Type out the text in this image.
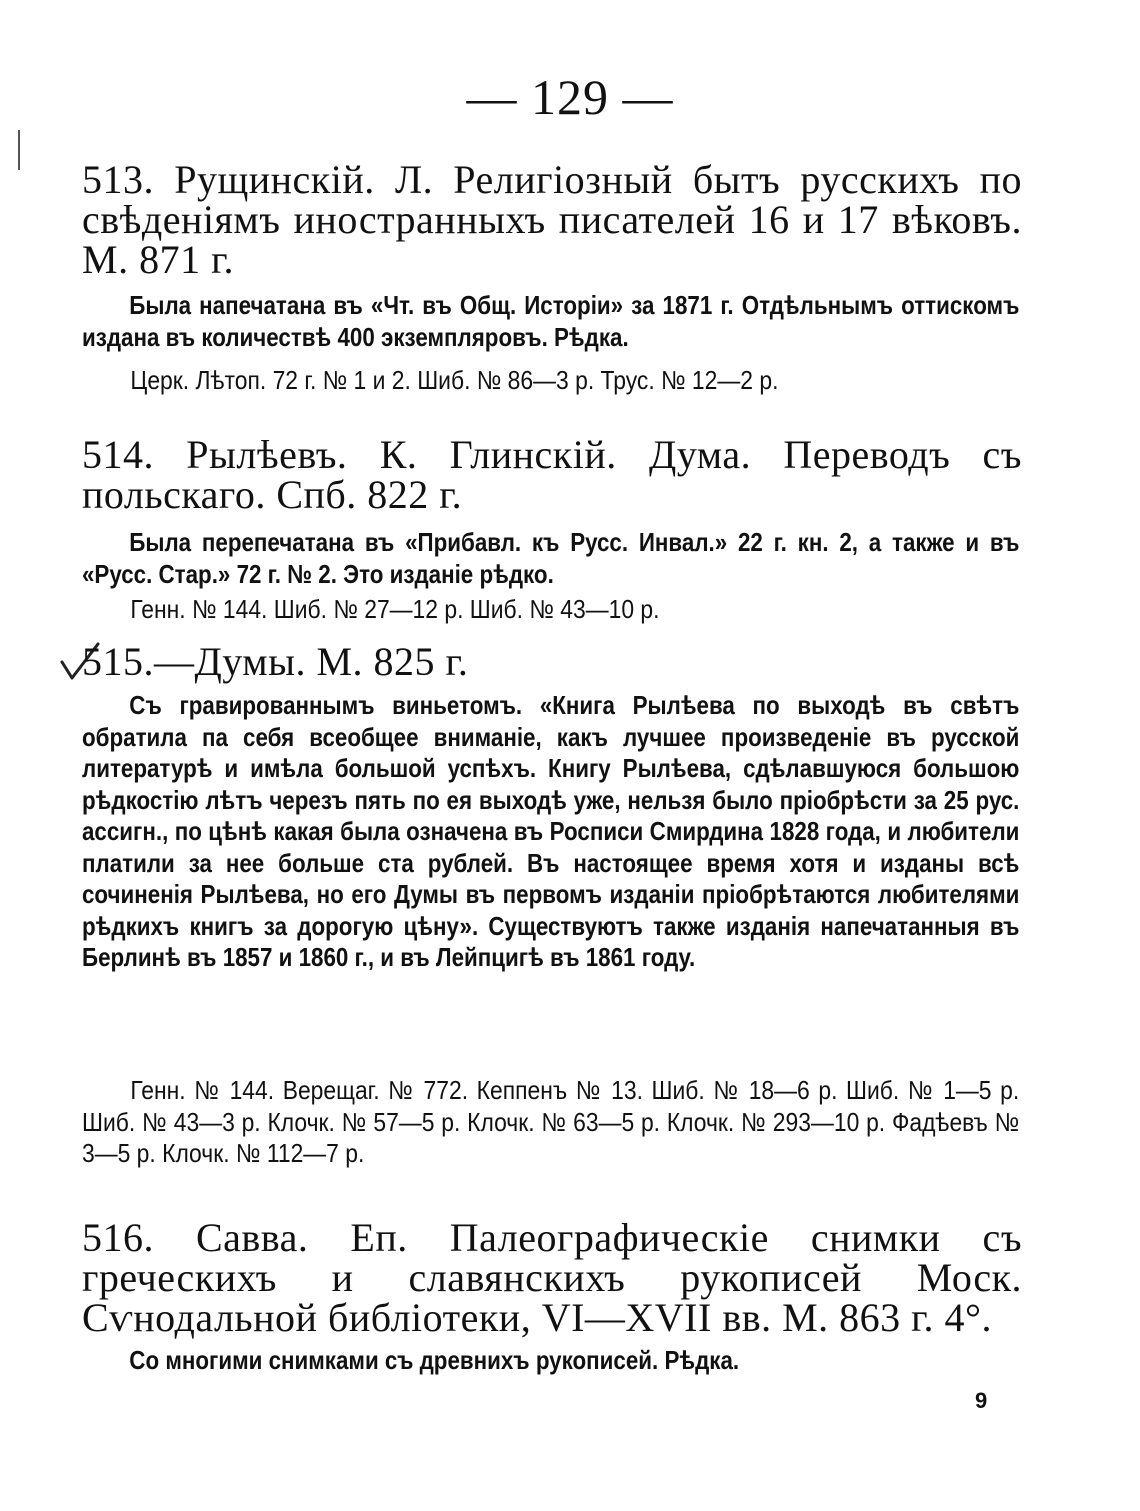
— 129 —
513. Рущинскій. Л. Религіозный бытъ русскихъ по свѣденіямъ иностранныхъ писателей 16 и 17 вѣковъ. М. 871 г.
Была напечатана въ «Чт. въ Общ. Исторіи» за 1871 г. Отдѣльнымъ оттискомъ издана въ количествѣ 400 экземпляровъ. Рѣдка.
Церк. Лѣтоп. 72 г. № 1 и 2. Шиб. № 86—3 р. Трус. № 12—2 р.
514. Рылѣевъ. К. Глинскій. Дума. Переводъ съ польскаго. Спб. 822 г.
Была перепечатана въ «Прибавл. къ Русс. Инвал.» 22 г. кн. 2, а также и въ «Русс. Стар.» 72 г. № 2. Это изданіе рѣдко.
Генн. № 144. Шиб. № 27—12 р. Шиб. № 43—10 р.
515.—Думы. М. 825 г.
Съ гравированнымъ виньетомъ. «Книга Рылѣева по выходѣ въ свѣтъ обратила па себя всеобщее вниманіе, какъ лучшее произведеніе въ русской литературѣ и имѣла большой успѣхъ. Книгу Рылѣева, сдѣлавшуюся большою рѣдкостію лѣтъ черезъ пять по ея выходѣ уже, нельзя было пріобрѣсти за 25 рус. ассигн., по цѣнѣ какая была означена въ Росписи Смирдина 1828 года, и любители платили за нее больше ста рублей. Въ настоящее время хотя и изданы всѣ сочиненія Рылѣева, но его Думы въ первомъ изданіи пріобрѣтаются любителями рѣдкихъ книгъ за дорогую цѣну». Существуютъ также изданія напечатанныя въ Берлинѣ въ 1857 и 1860 г., и въ Лейпцигѣ въ 1861 году.
Генн. № 144. Верещаг. № 772. Кеппенъ № 13. Шиб. № 18—6 р. Шиб. № 1—5 р. Шиб. № 43—3 р. Клочк. № 57—5 р. Клочк. № 63—5 р. Клочк. № 293—10 р. Фадѣевъ № 3—5 р. Клочк. № 112—7 р.
516. Савва. Еп. Палеографическіе снимки съ греческихъ и славянскихъ рукописей Моск. Сѵнодальной библіотеки, VI—XVII вв. М. 863 г. 4°.
Со многими снимками съ древнихъ рукописей. Рѣдка.
9
